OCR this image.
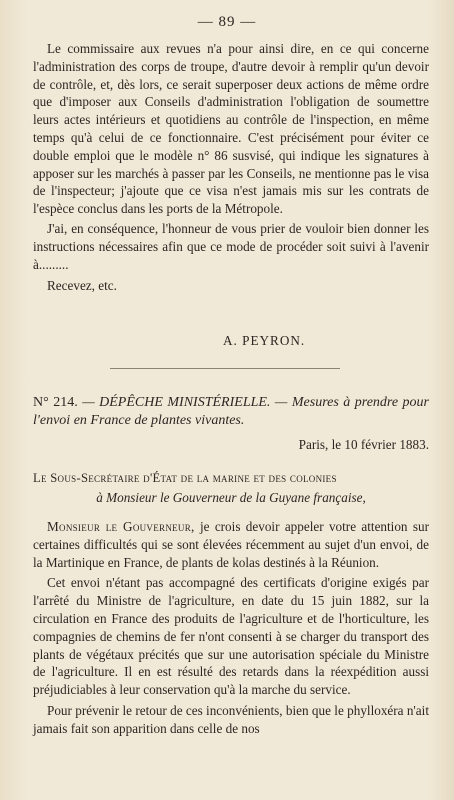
— 89 —

Le commissaire aux revues n'a pour ainsi dire, en ce qui concerne l'administration des corps de troupe, d'autre devoir à remplir qu'un devoir de contrôle, et, dès lors, ce serait superposer deux actions de même ordre que d'imposer aux Conseils d'administration l'obligation de soumettre leurs actes intérieurs et quotidiens au contrôle de l'inspection, en même temps qu'à celui de ce fonctionnaire. C'est précisément pour éviter ce double emploi que le modèle n° 86 susvisé, qui indique les signatures à apposer sur les marchés à passer par les Conseils, ne mentionne pas le visa de l'inspecteur; j'ajoute que ce visa n'est jamais mis sur les contrats de l'espèce conclus dans les ports de la Métropole.

J'ai, en conséquence, l'honneur de vous prier de vouloir bien donner les instructions nécessaires afin que ce mode de procéder soit suivi à l'avenir à.........

Recevez, etc.

A. PEYRON.

N° 214. — DÉPÊCHE MINISTÉRIELLE. — Mesures à prendre pour l'envoi en France de plantes vivantes.

Paris, le 10 février 1883.

Le Sous-Secrétaire d'État de la marine et des colonies

à Monsieur le Gouverneur de la Guyane française,

Monsieur le Gouverneur, je crois devoir appeler votre attention sur certaines difficultés qui se sont élevées récemment au sujet d'un envoi, de la Martinique en France, de plants de kolas destinés à la Réunion.

Cet envoi n'étant pas accompagné des certificats d'origine exigés par l'arrêté du Ministre de l'agriculture, en date du 15 juin 1882, sur la circulation en France des produits de l'agriculture et de l'horticulture, les compagnies de chemins de fer n'ont consenti à se charger du transport des plants de végétaux précités que sur une autorisation spéciale du Ministre de l'agriculture. Il en est résulté des retards dans la réexpédition aussi préjudiciables à leur conservation qu'à la marche du service.

Pour prévenir le retour de ces inconvénients, bien que le phylloxéra n'ait jamais fait son apparition dans celle de nos
